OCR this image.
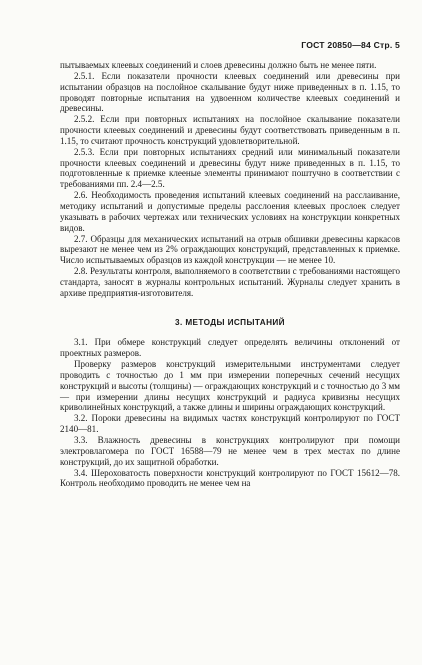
ГОСТ 20850—84 Стр. 5

пытываемых клеевых соединений и слоев древесины должно быть не менее пяти.

2.5.1. Если показатели прочности клеевых соединений или древесины при испытании образцов на послойное скалывание будут ниже приведенных в п. 1.15, то проводят повторные испытания на удвоенном количестве клеевых соединений и древесины.

2.5.2. Если при повторных испытаниях на послойное скалывание показатели прочности клеевых соединений и древесины будут соответствовать приведенным в п. 1.15, то считают прочность конструкций удовлетворительной.

2.5.3. Если при повторных испытаниях средний или минимальный показатели прочности клеевых соединений и древесины будут ниже приведенных в п. 1.15, то подготовленные к приемке клееные элементы принимают поштучно в соответствии с требованиями пп. 2.4—2.5.

2.6. Необходимость проведения испытаний клеевых соединений на расслаивание, методику испытаний и допустимые пределы расслоения клеевых прослоек следует указывать в рабочих чертежах или технических условиях на конструкции конкретных видов.

2.7. Образцы для механических испытаний на отрыв обшивки древесины каркасов вырезают не менее чем из 2% ограждающих конструкций, представленных к приемке. Число испытываемых образцов из каждой конструкции — не менее 10.

2.8. Результаты контроля, выполняемого в соответствии с требованиями настоящего стандарта, заносят в журналы контрольных испытаний. Журналы следует хранить в архиве предприятия-изготовителя.

3. МЕТОДЫ ИСПЫТАНИЙ

3.1. При обмере конструкций следует определять величины отклонений от проектных размеров.

Проверку размеров конструкций измерительными инструментами следует проводить с точностью до 1 мм при измерении поперечных сечений несущих конструкций и высоты (толщины) — ограждающих конструкций и с точностью до 3 мм — при измерении длины несущих конструкций и радиуса кривизны несущих криволинейных конструкций, а также длины и ширины ограждающих конструкций.

3.2. Пороки древесины на видимых частях конструкций контролируют по ГОСТ 2140—81.

3.3. Влажность древесины в конструкциях контролируют при помощи электровлагомера по ГОСТ 16588—79 не менее чем в трех местах по длине конструкций, до их защитной обработки.

3.4. Шероховатость поверхности конструкций контролируют по ГОСТ 15612—78. Контроль необходимо проводить не менее чем на
